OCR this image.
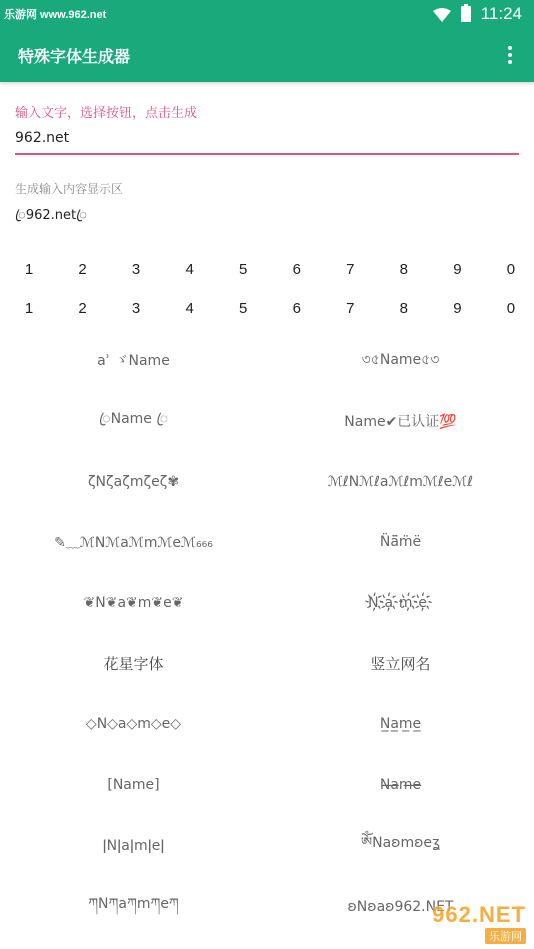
乐游网 www.962.net	11:24
特殊字体生成器
输入文字，选择按钮，点击生成
962.net
生成输入内容显示区
ꦿ962.netꦿ
1	2	3	4	5	6	7	8	9	0
1	2	3	4	5	6	7	8	9	0
aʾ ゞName	৩৫Name৫৩
ꦿName ꦿ	Name✔已认证💯
ζNζaζmζeζ✾	ℳℓNℳℓaℳℓmℳℓeℳℓ
✎﹏ℳNℳaℳmℳeℳ₆₆₆	N̈ä̈m̈ë
❦N❦a❦m❦e❦	N҉a҉m҉e҉
花星字体	竖立网名
◇N◇a◇m◇e◇	N̲a̲m̲e̲
[Name]	N̶a̶m̶e̶
ǀNǀaǀmǀeǀ	ༀNaʚmʚeʓ
ཀNཀaཀmཀeཀ	ʚNʚaʚ962.NET
962.NET
乐游网
